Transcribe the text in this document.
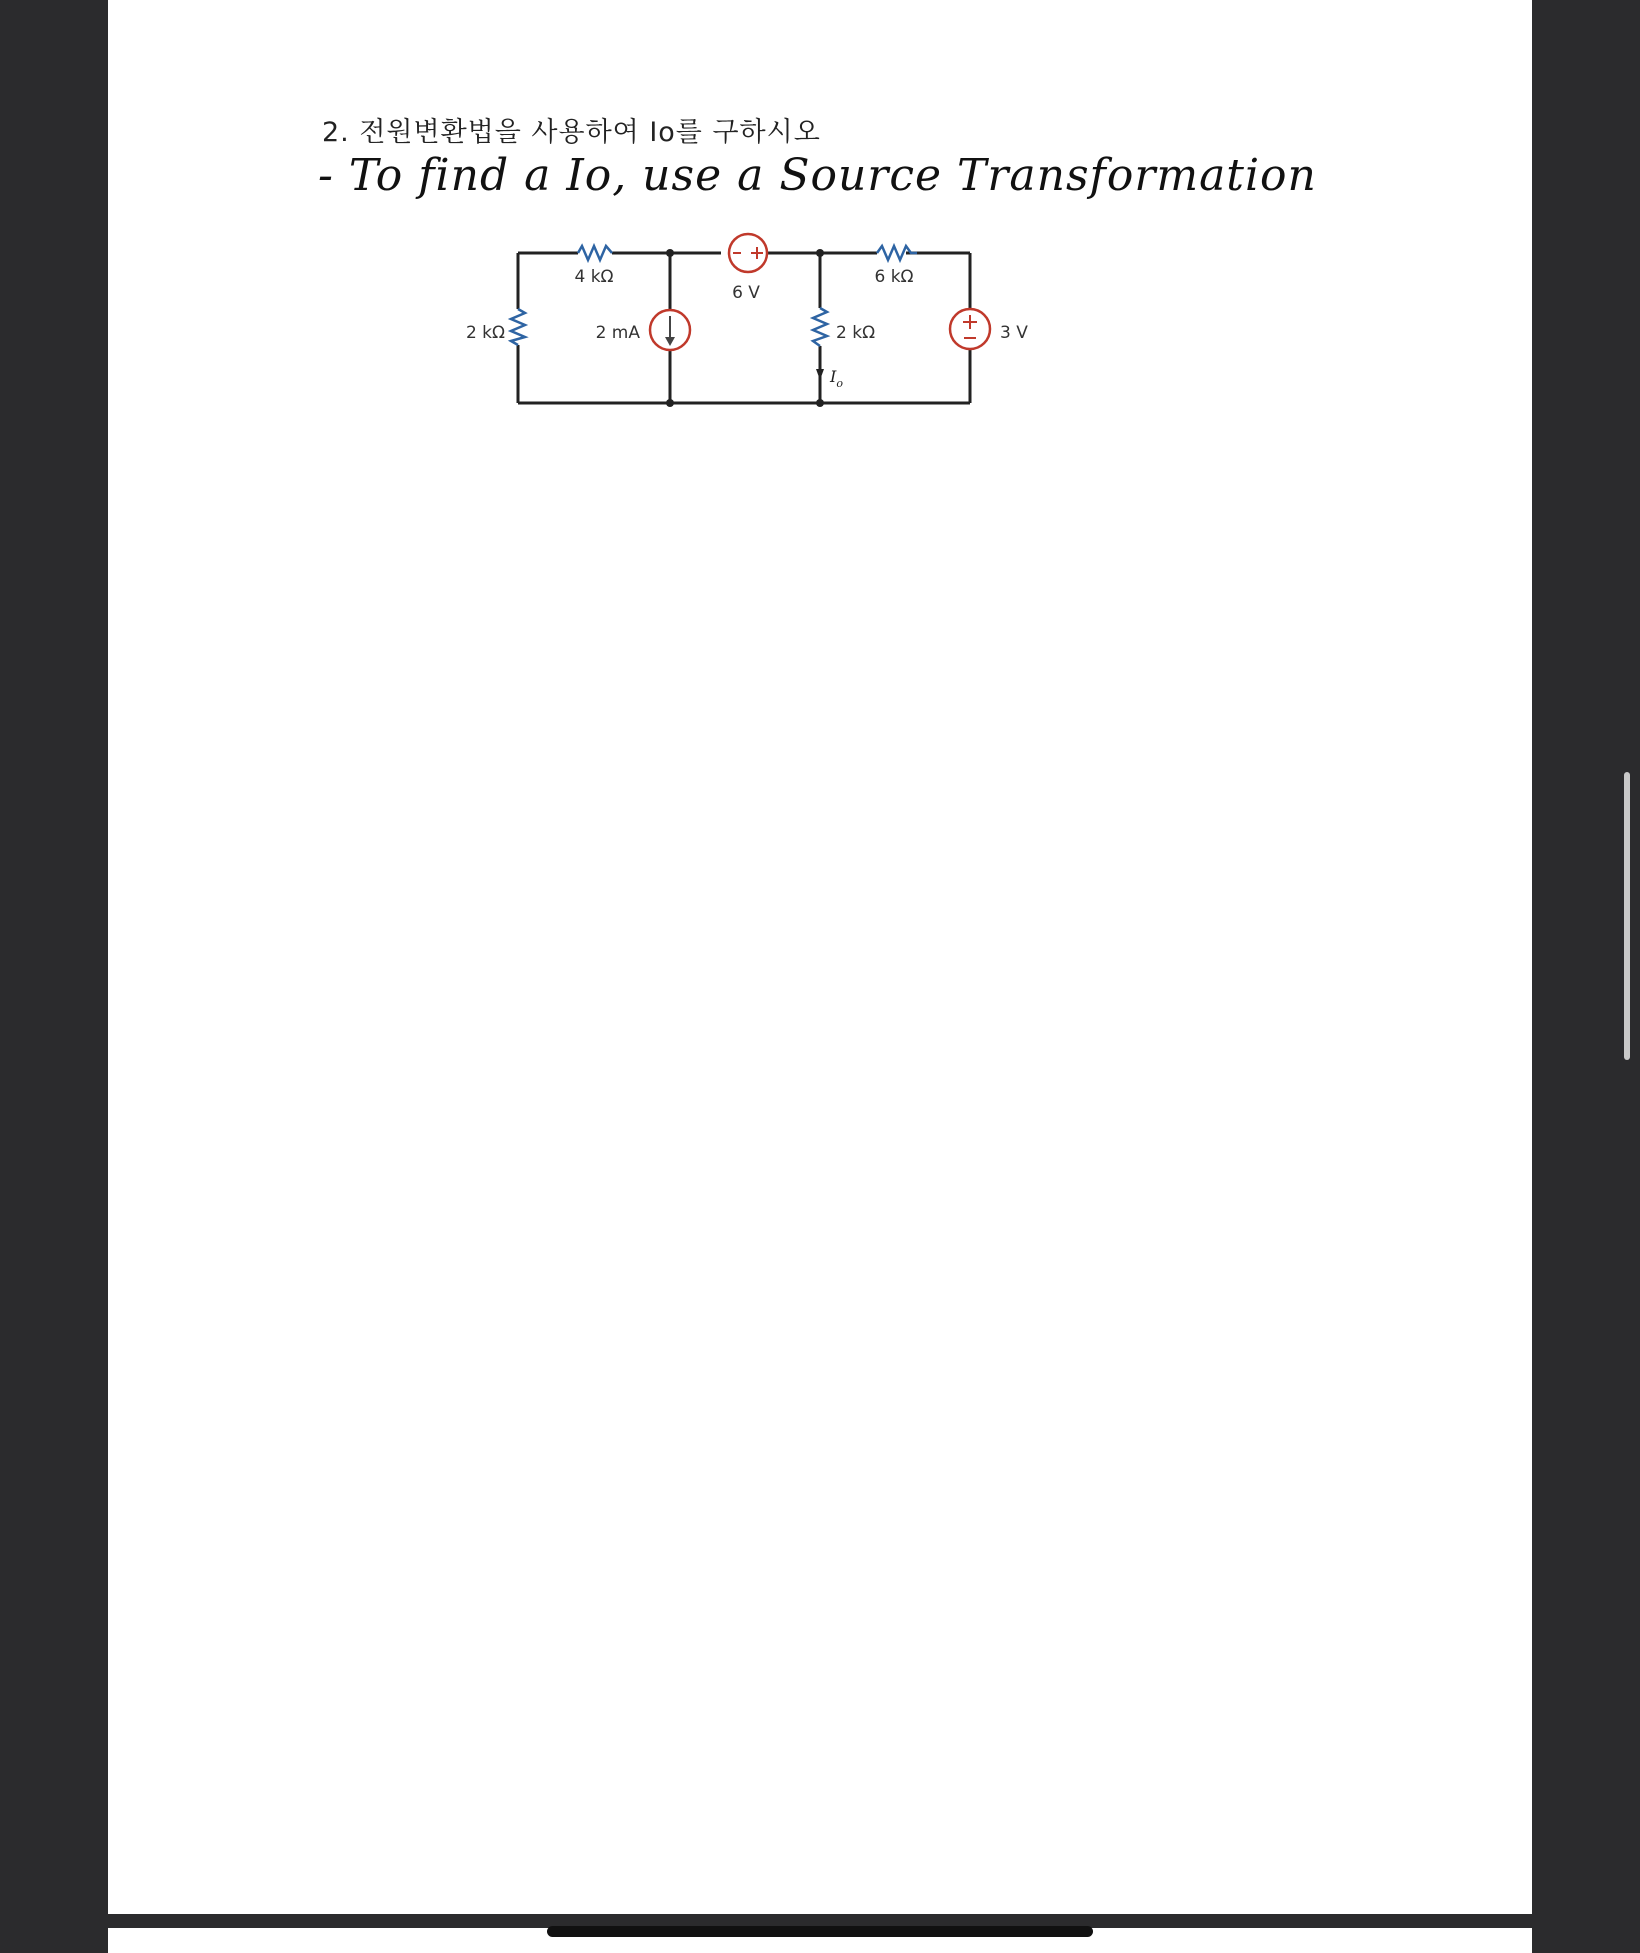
2. 전원변환법을 사용하여 Io를 구하시오
- To find a Io, use a Source Transformation
4 kΩ	6 kΩ
6 V
2 kΩ	2 mA	2 kΩ	3 V
$I_o$
